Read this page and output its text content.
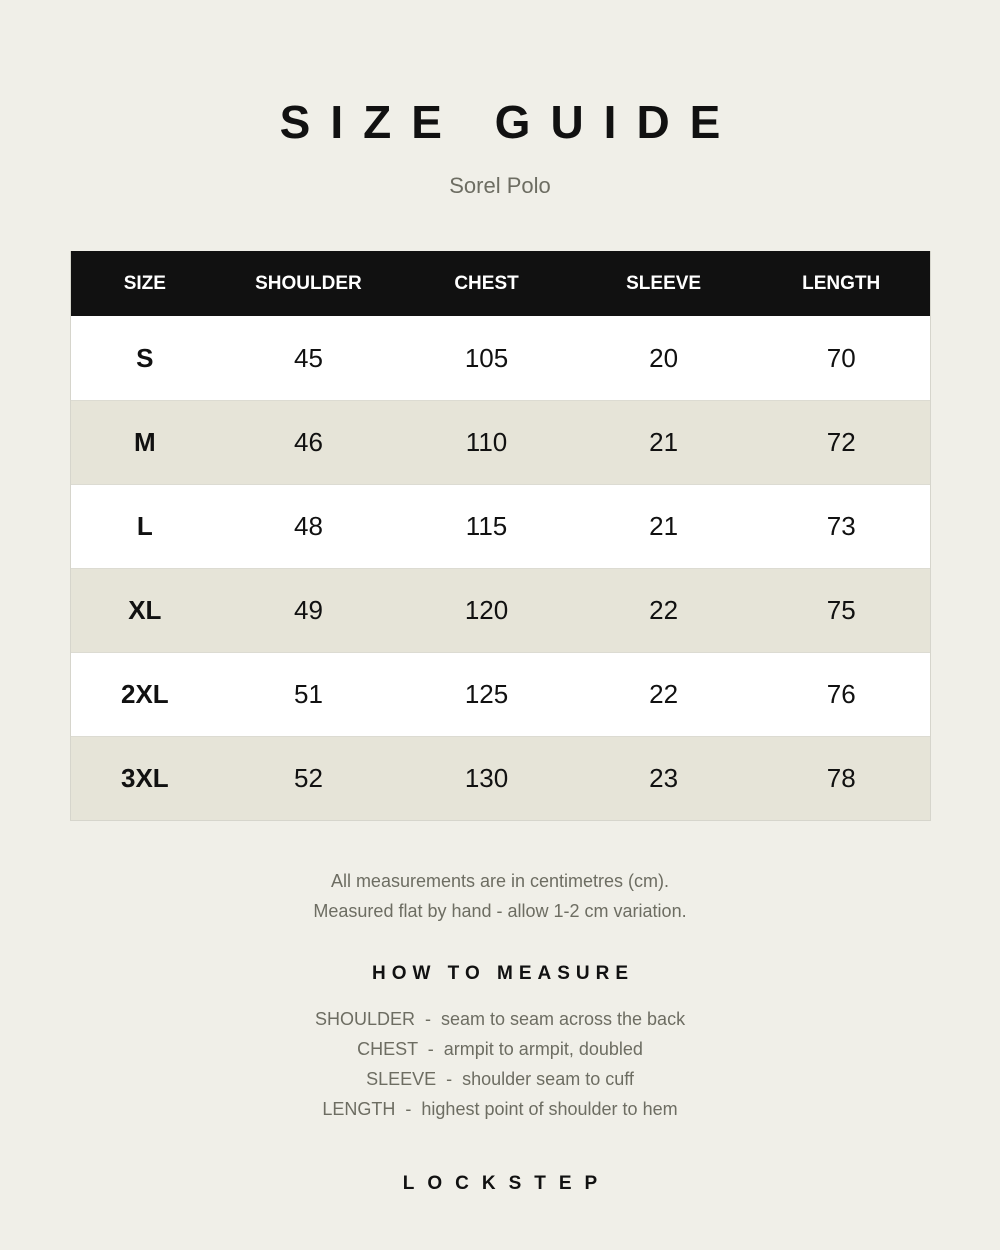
SIZE GUIDE
Sorel Polo
SIZE	SHOULDER	CHEST	SLEEVE	LENGTH
S	45	105	20	70
M	46	110	21	72
L	48	115	21	73
XL	49	120	22	75
2XL	51	125	22	76
3XL	52	130	23	78
All measurements are in centimetres (cm).
Measured flat by hand - allow 1-2 cm variation.
HOW TO MEASURE
SHOULDER  -  seam to seam across the back
CHEST  -  armpit to armpit, doubled
SLEEVE  -  shoulder seam to cuff
LENGTH  -  highest point of shoulder to hem
LOCKSTEP
